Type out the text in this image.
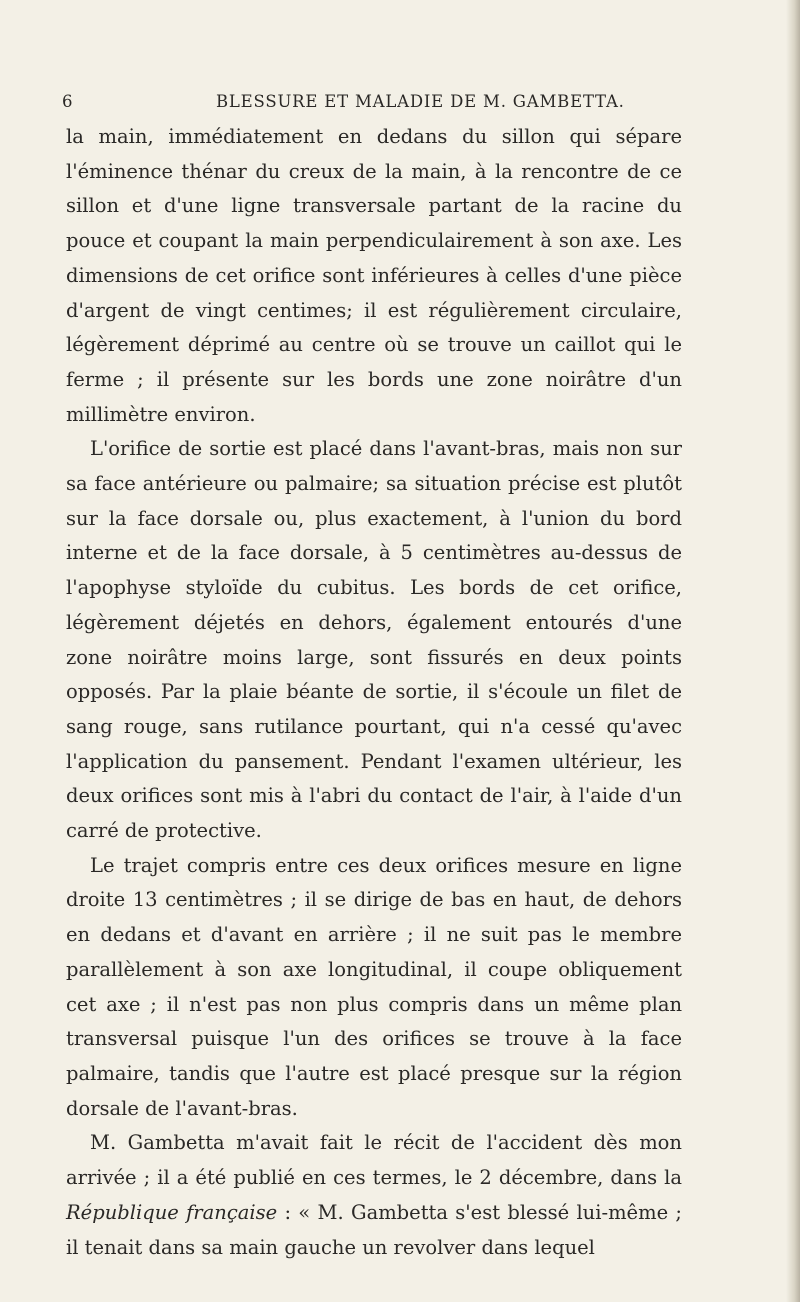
6	BLESSURE ET MALADIE DE M. GAMBETTA.

la main, immédiatement en dedans du sillon qui sépare l'éminence thénar du creux de la main, à la rencontre de ce sillon et d'une ligne transversale partant de la racine du pouce et coupant la main perpendiculairement à son axe. Les dimensions de cet orifice sont inférieures à celles d'une pièce d'argent de vingt centimes; il est régulièrement circulaire, légèrement déprimé au centre où se trouve un caillot qui le ferme ; il présente sur les bords une zone noirâtre d'un millimètre environ.

L'orifice de sortie est placé dans l'avant-bras, mais non sur sa face antérieure ou palmaire; sa situation précise est plutôt sur la face dorsale ou, plus exactement, à l'union du bord interne et de la face dorsale, à 5 centimètres au-dessus de l'apophyse styloïde du cubitus. Les bords de cet orifice, légèrement déjetés en dehors, également entourés d'une zone noirâtre moins large, sont fissurés en deux points opposés. Par la plaie béante de sortie, il s'écoule un filet de sang rouge, sans rutilance pourtant, qui n'a cessé qu'avec l'application du pansement. Pendant l'examen ultérieur, les deux orifices sont mis à l'abri du contact de l'air, à l'aide d'un carré de protective.

Le trajet compris entre ces deux orifices mesure en ligne droite 13 centimètres ; il se dirige de bas en haut, de dehors en dedans et d'avant en arrière ; il ne suit pas le membre parallèlement à son axe longitudinal, il coupe obliquement cet axe ; il n'est pas non plus compris dans un même plan transversal puisque l'un des orifices se trouve à la face palmaire, tandis que l'autre est placé presque sur la région dorsale de l'avant-bras.

M. Gambetta m'avait fait le récit de l'accident dès mon arrivée ; il a été publié en ces termes, le 2 décembre, dans la République française : « M. Gambetta s'est blessé lui-même ; il tenait dans sa main gauche un revolver dans lequel
